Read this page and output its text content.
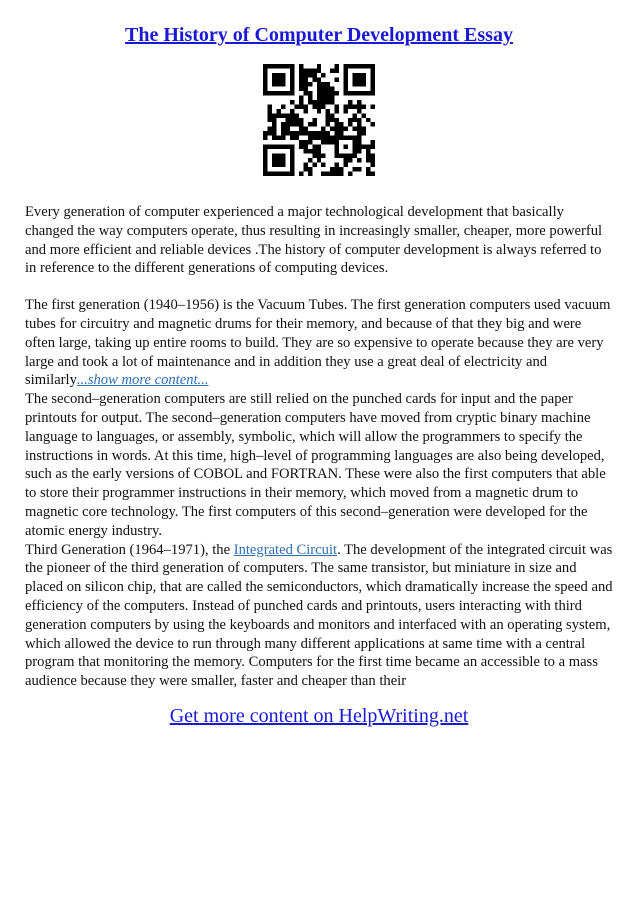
The History of Computer Development Essay

Every generation of computer experienced a major technological development that basically changed the way computers operate, thus resulting in increasingly smaller, cheaper, more powerful and more efficient and reliable devices .The history of computer development is always referred to in reference to the different generations of computing devices.

The first generation (1940–1956) is the Vacuum Tubes. The first generation computers used vacuum tubes for circuitry and magnetic drums for their memory, and because of that they big and were often large, taking up entire rooms to build. They are so expensive to operate because they are very large and took a lot of maintenance and in addition they use a great deal of electricity and similarly...show more content...

The second–generation computers are still relied on the punched cards for input and the paper printouts for output. The second–generation computers have moved from cryptic binary machine language to languages, or assembly, symbolic, which will allow the programmers to specify the instructions in words. At this time, high–level of programming languages are also being developed, such as the early versions of COBOL and FORTRAN. These were also the first computers that able to store their programmer instructions in their memory, which moved from a magnetic drum to magnetic core technology. The first computers of this second–generation were developed for the atomic energy industry.

Third Generation (1964–1971), the Integrated Circuit. The development of the integrated circuit was the pioneer of the third generation of computers. The same transistor, but miniature in size and placed on silicon chip, that are called the semiconductors, which dramatically increase the speed and efficiency of the computers. Instead of punched cards and printouts, users interacting with third generation computers by using the keyboards and monitors and interfaced with an operating system, which allowed the device to run through many different applications at same time with a central program that monitoring the memory. Computers for the first time became an accessible to a mass audience because they were smaller, faster and cheaper than their

Get more content on HelpWriting.net
